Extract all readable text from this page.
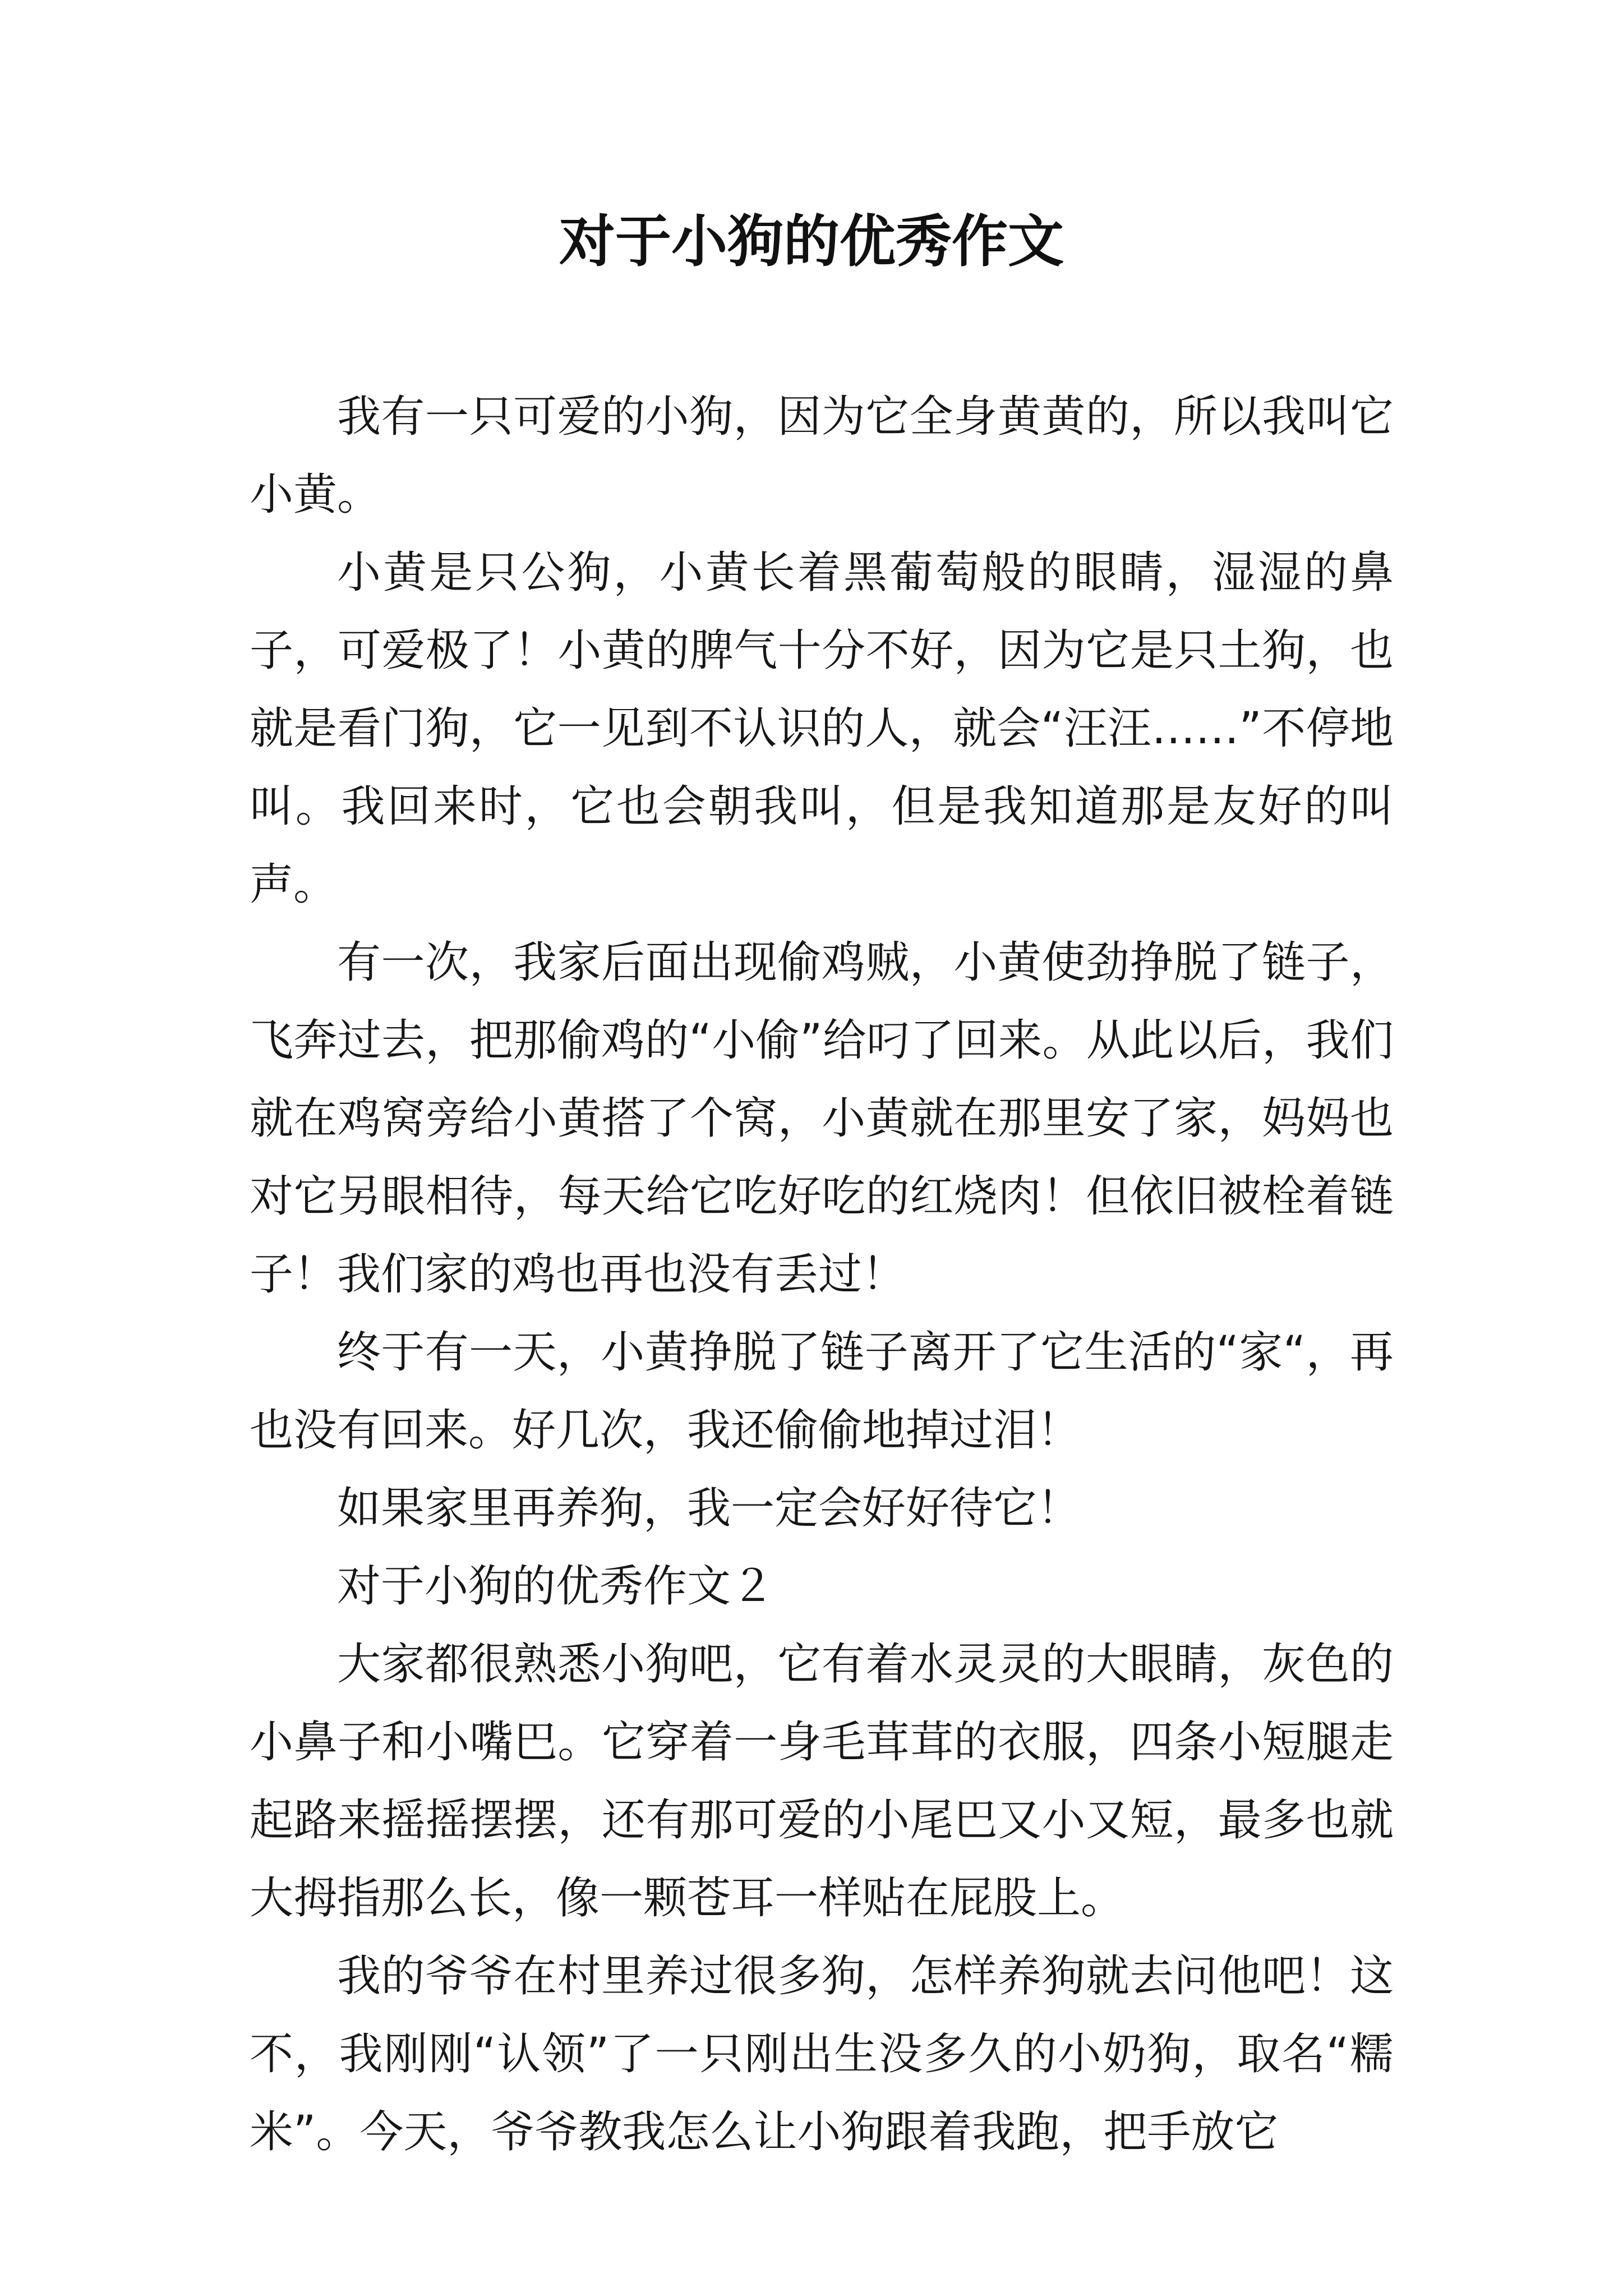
对于小狗的优秀作文

我有一只可爱的小狗，因为它全身黄黄的，所以我叫它小黄。

小黄是只公狗，小黄长着黑葡萄般的眼睛，湿湿的鼻子，可爱极了！小黄的脾气十分不好，因为它是只土狗，也就是看门狗，它一见到不认识的人，就会“汪汪……”不停地叫。我回来时，它也会朝我叫，但是我知道那是友好的叫声。

有一次，我家后面出现偷鸡贼，小黄使劲挣脱了链子，飞奔过去，把那偷鸡的“小偷”给叼了回来。从此以后，我们就在鸡窝旁给小黄搭了个窝，小黄就在那里安了家，妈妈也对它另眼相待，每天给它吃好吃的红烧肉！但依旧被栓着链子！我们家的鸡也再也没有丢过！

终于有一天，小黄挣脱了链子离开了它生活的“家“，再也没有回来。好几次，我还偷偷地掉过泪！

如果家里再养狗，我一定会好好待它！

对于小狗的优秀作文２

大家都很熟悉小狗吧，它有着水灵灵的大眼睛，灰色的小鼻子和小嘴巴。它穿着一身毛茸茸的衣服，四条小短腿走起路来摇摇摆摆，还有那可爱的小尾巴又小又短，最多也就大拇指那么长，像一颗苍耳一样贴在屁股上。

我的爷爷在村里养过很多狗，怎样养狗就去问他吧！这不，我刚刚“认领”了一只刚出生没多久的小奶狗，取名“糯米”。今天，爷爷教我怎么让小狗跟着我跑，把手放它
